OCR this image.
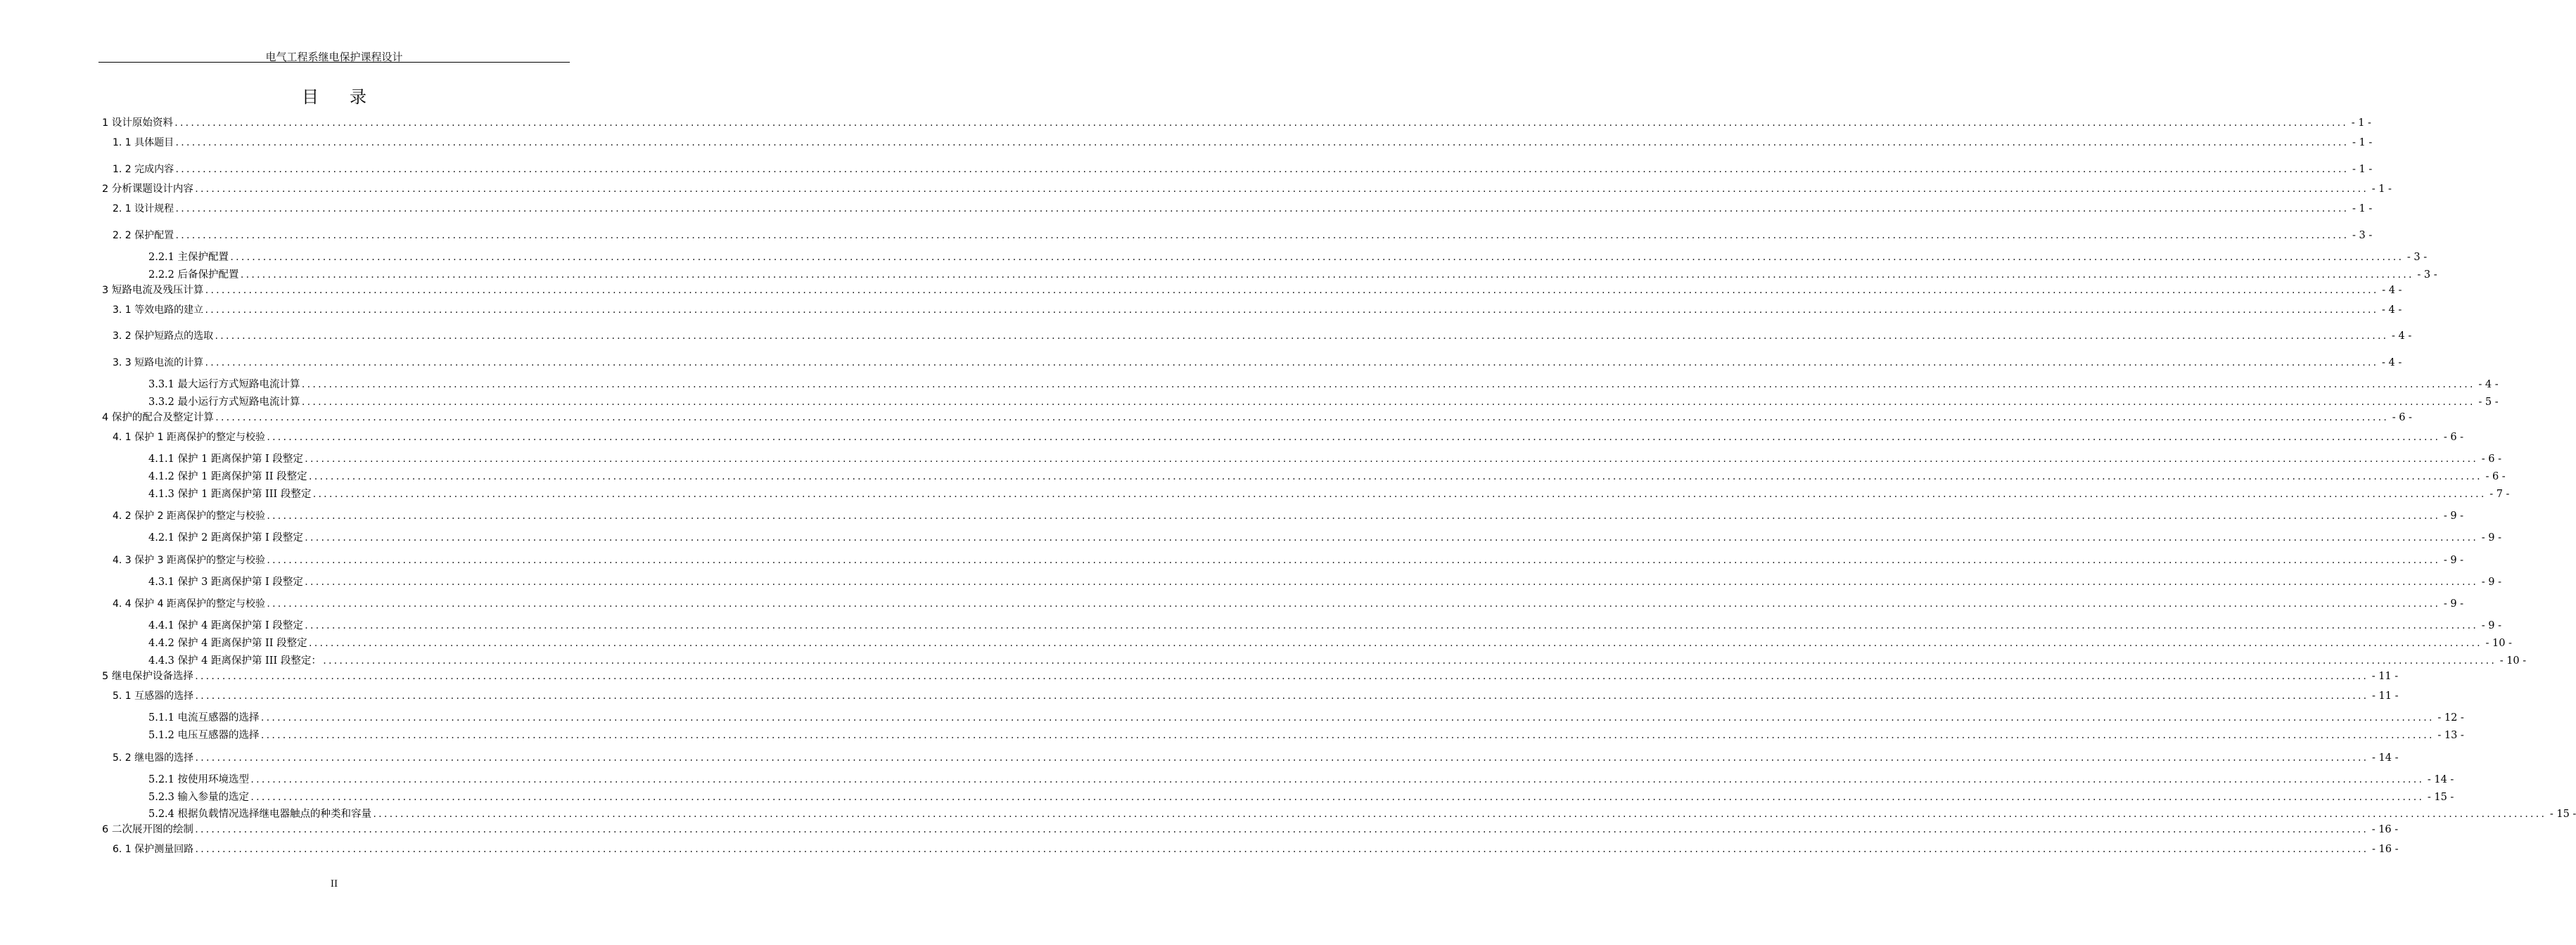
电气工程系继电保护课程设计
目录
1 设计原始资料 ................................................................................................................................................................................................................................................................................................................................................................................................................ - 1 -
1. 1 具体题目 ................................................................................................................................................................................................................................................................................................................................................................................................................ - 1 -
1. 2 完成内容 ................................................................................................................................................................................................................................................................................................................................................................................................................ - 1 -
2 分析课题设计内容 ................................................................................................................................................................................................................................................................................................................................................................................................................ - 1 -
2. 1 设计规程 ................................................................................................................................................................................................................................................................................................................................................................................................................ - 1 -
2. 2 保护配置 ................................................................................................................................................................................................................................................................................................................................................................................................................ - 3 -
2.2.1 主保护配置 ................................................................................................................................................................................................................................................................................................................................................................................................................ - 3 -
2.2.2 后备保护配置 ................................................................................................................................................................................................................................................................................................................................................................................................................ - 3 -
3 短路电流及残压计算 ................................................................................................................................................................................................................................................................................................................................................................................................................ - 4 -
3. 1 等效电路的建立 ................................................................................................................................................................................................................................................................................................................................................................................................................ - 4 -
3. 2 保护短路点的选取 ................................................................................................................................................................................................................................................................................................................................................................................................................ - 4 -
3. 3 短路电流的计算 ................................................................................................................................................................................................................................................................................................................................................................................................................ - 4 -
3.3.1 最大运行方式短路电流计算 ................................................................................................................................................................................................................................................................................................................................................................................................................ - 4 -
3.3.2 最小运行方式短路电流计算 ................................................................................................................................................................................................................................................................................................................................................................................................................ - 5 -
4 保护的配合及整定计算 ................................................................................................................................................................................................................................................................................................................................................................................................................ - 6 -
4. 1 保护 1 距离保护的整定与校验 ................................................................................................................................................................................................................................................................................................................................................................................................................ - 6 -
4.1.1 保护 1 距离保护第 I 段整定 ................................................................................................................................................................................................................................................................................................................................................................................................................ - 6 -
4.1.2 保护 1 距离保护第 II 段整定 ................................................................................................................................................................................................................................................................................................................................................................................................................ - 6 -
4.1.3 保护 1 距离保护第 III 段整定 ................................................................................................................................................................................................................................................................................................................................................................................................................ - 7 -
4. 2 保护 2 距离保护的整定与校验 ................................................................................................................................................................................................................................................................................................................................................................................................................ - 9 -
4.2.1 保护 2 距离保护第 I 段整定 ................................................................................................................................................................................................................................................................................................................................................................................................................ - 9 -
4. 3 保护 3 距离保护的整定与校验 ................................................................................................................................................................................................................................................................................................................................................................................................................ - 9 -
4.3.1 保护 3 距离保护第 I 段整定 ................................................................................................................................................................................................................................................................................................................................................................................................................ - 9 -
4. 4 保护 4 距离保护的整定与校验 ................................................................................................................................................................................................................................................................................................................................................................................................................ - 9 -
4.4.1 保护 4 距离保护第 I 段整定 ................................................................................................................................................................................................................................................................................................................................................................................................................ - 9 -
4.4.2 保护 4 距离保护第 II 段整定 ................................................................................................................................................................................................................................................................................................................................................................................................................ - 10 -
4.4.3 保护 4 距离保护第 III 段整定： ................................................................................................................................................................................................................................................................................................................................................................................................................ - 10 -
5 继电保护设备选择 ................................................................................................................................................................................................................................................................................................................................................................................................................ - 11 -
5. 1 互感器的选择 ................................................................................................................................................................................................................................................................................................................................................................................................................ - 11 -
5.1.1 电流互感器的选择 ................................................................................................................................................................................................................................................................................................................................................................................................................ - 12 -
5.1.2 电压互感器的选择 ................................................................................................................................................................................................................................................................................................................................................................................................................ - 13 -
5. 2 继电器的选择 ................................................................................................................................................................................................................................................................................................................................................................................................................ - 14 -
5.2.1 按使用环境选型 ................................................................................................................................................................................................................................................................................................................................................................................................................ - 14 -
5.2.3 输入参量的选定 ................................................................................................................................................................................................................................................................................................................................................................................................................ - 15 -
5.2.4 根据负载情况选择继电器触点的种类和容量 ................................................................................................................................................................................................................................................................................................................................................................................................................ - 15 -
6 二次展开图的绘制 ................................................................................................................................................................................................................................................................................................................................................................................................................ - 16 -
6. 1 保护测量回路 ................................................................................................................................................................................................................................................................................................................................................................................................................ - 16 -
II
